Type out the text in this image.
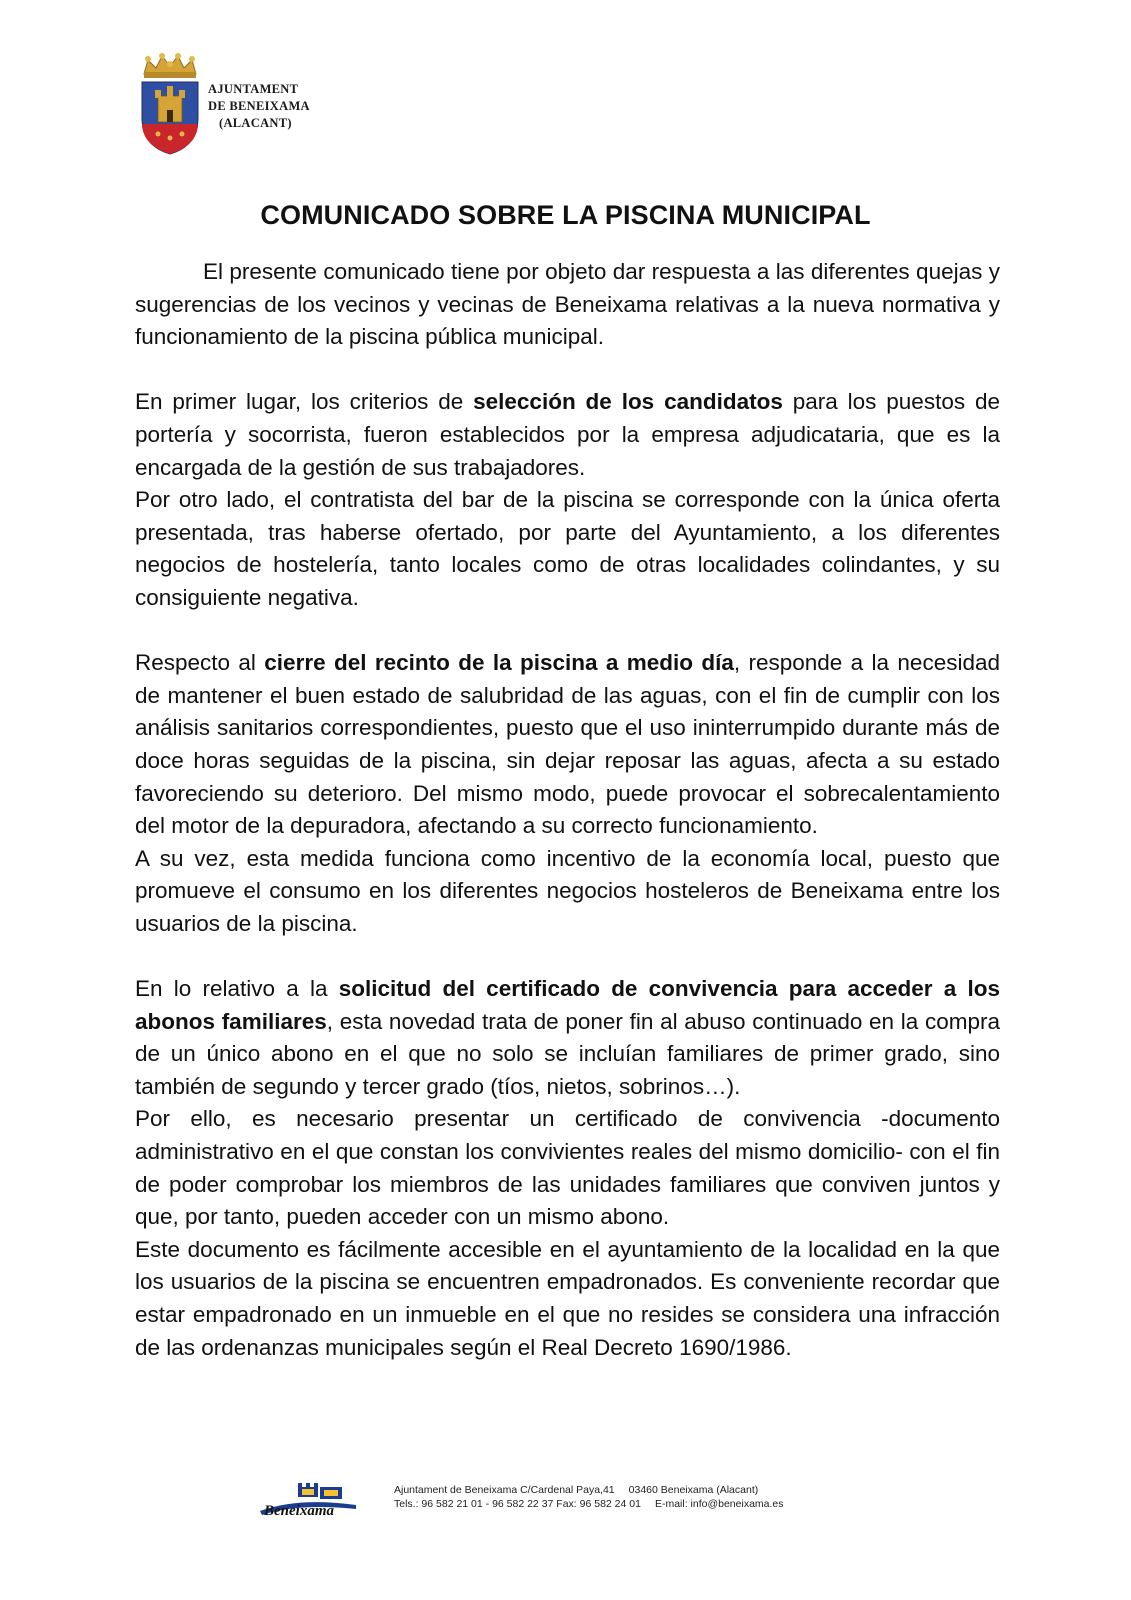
AJUNTAMENT
DE BENEIXAMA
(ALACANT)
COMUNICADO SOBRE LA PISCINA MUNICIPAL

El presente comunicado tiene por objeto dar respuesta a las diferentes quejas y sugerencias de los vecinos y vecinas de Beneixama relativas a la nueva normativa y funcionamiento de la piscina pública municipal.

En primer lugar, los criterios de selección de los candidatos para los puestos de portería y socorrista, fueron establecidos por la empresa adjudicataria, que es la encargada de la gestión de sus trabajadores.

Por otro lado, el contratista del bar de la piscina se corresponde con la única oferta presentada, tras haberse ofertado, por parte del Ayuntamiento, a los diferentes negocios de hostelería, tanto locales como de otras localidades colindantes, y su consiguiente negativa.

Respecto al cierre del recinto de la piscina a medio día, responde a la necesidad de mantener el buen estado de salubridad de las aguas, con el fin de cumplir con los análisis sanitarios correspondientes, puesto que el uso ininterrumpido durante más de doce horas seguidas de la piscina, sin dejar reposar las aguas, afecta a su estado favoreciendo su deterioro. Del mismo modo, puede provocar el sobrecalentamiento del motor de la depuradora, afectando a su correcto funcionamiento.

A su vez, esta medida funciona como incentivo de la economía local, puesto que promueve el consumo en los diferentes negocios hosteleros de Beneixama entre los usuarios de la piscina.

En lo relativo a la solicitud del certificado de convivencia para acceder a los abonos familiares, esta novedad trata de poner fin al abuso continuado en la compra de un único abono en el que no solo se incluían familiares de primer grado, sino también de segundo y tercer grado (tíos, nietos, sobrinos…).

Por ello, es necesario presentar un certificado de convivencia -documento administrativo en el que constan los convivientes reales del mismo domicilio- con el fin de poder comprobar los miembros de las unidades familiares que conviven juntos y que, por tanto, pueden acceder con un mismo abono.

Este documento es fácilmente accesible en el ayuntamiento de la localidad en la que los usuarios de la piscina se encuentren empadronados. Es conveniente recordar que estar empadronado en un inmueble en el que no resides se considera una infracción de las ordenanzas municipales según el Real Decreto 1690/1986.

Beneixama
Ajuntament de Beneixama C/Cardenal Paya,41 03460 Beneixama (Alacant)
Tels.: 96 582 21 01 - 96 582 22 37 Fax: 96 582 24 01 E-mail: info@beneixama.es
